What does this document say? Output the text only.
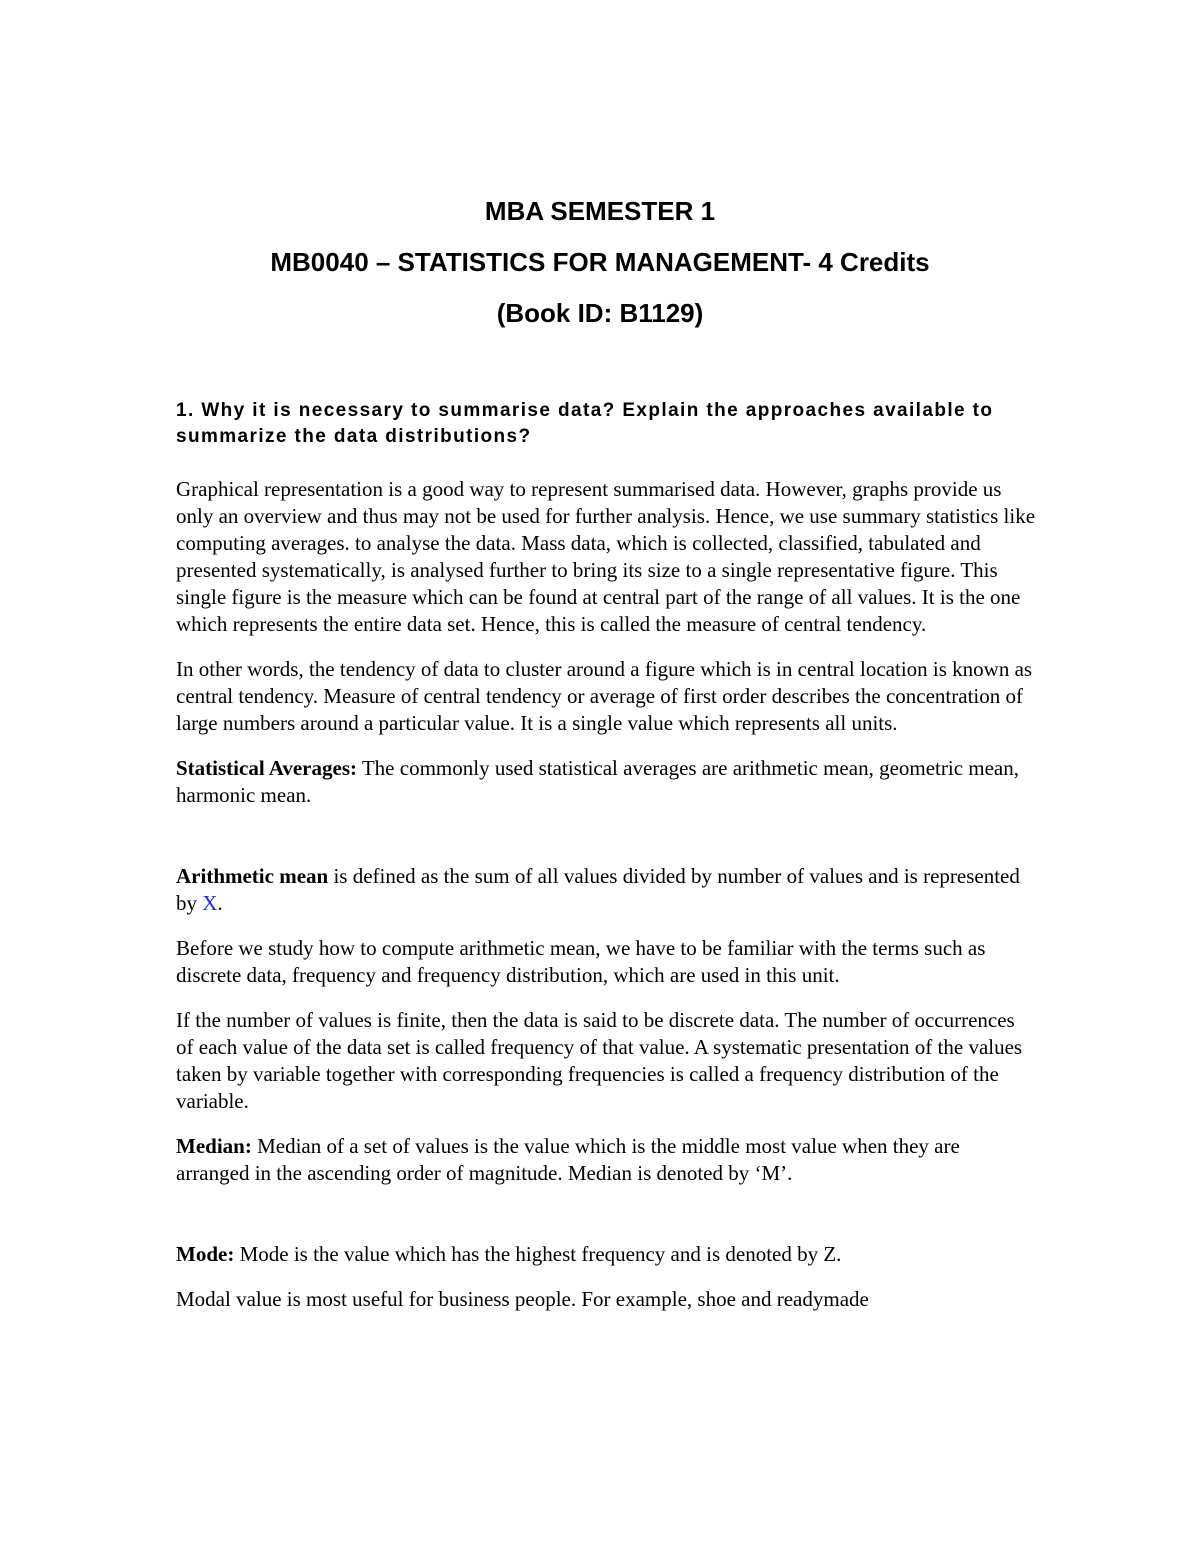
MBA SEMESTER 1
MB0040 – STATISTICS FOR MANAGEMENT- 4 Credits
(Book ID: B1129)

1. Why it is necessary to summarise data? Explain the approaches available to summarize the data distributions?

Graphical representation is a good way to represent summarised data. However, graphs provide us only an overview and thus may not be used for further analysis. Hence, we use summary statistics like computing averages. to analyse the data. Mass data, which is collected, classified, tabulated and presented systematically, is analysed further to bring its size to a single representative figure. This single figure is the measure which can be found at central part of the range of all values. It is the one which represents the entire data set. Hence, this is called the measure of central tendency.

In other words, the tendency of data to cluster around a figure which is in central location is known as central tendency. Measure of central tendency or average of first order describes the concentration of large numbers around a particular value. It is a single value which represents all units.

Statistical Averages: The commonly used statistical averages are arithmetic mean, geometric mean, harmonic mean.

Arithmetic mean is defined as the sum of all values divided by number of values and is represented by X.

Before we study how to compute arithmetic mean, we have to be familiar with the terms such as discrete data, frequency and frequency distribution, which are used in this unit.

If the number of values is finite, then the data is said to be discrete data. The number of occurrences of each value of the data set is called frequency of that value. A systematic presentation of the values taken by variable together with corresponding frequencies is called a frequency distribution of the variable.

Median: Median of a set of values is the value which is the middle most value when they are arranged in the ascending order of magnitude. Median is denoted by ‘M’.

Mode: Mode is the value which has the highest frequency and is denoted by Z.

Modal value is most useful for business people. For example, shoe and readymade
